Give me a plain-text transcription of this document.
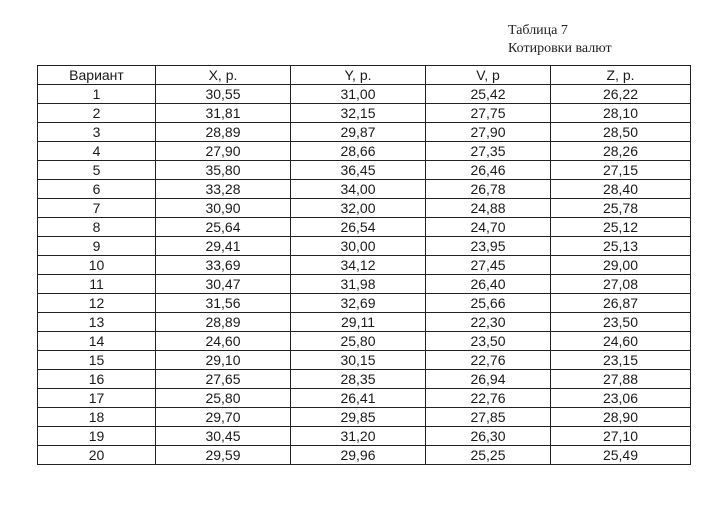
Таблица 7
Котировки валют
Вариант	X, р.	Y, р.	V, р	Z, р.
1	30,55	31,00	25,42	26,22
2	31,81	32,15	27,75	28,10
3	28,89	29,87	27,90	28,50
4	27,90	28,66	27,35	28,26
5	35,80	36,45	26,46	27,15
6	33,28	34,00	26,78	28,40
7	30,90	32,00	24,88	25,78
8	25,64	26,54	24,70	25,12
9	29,41	30,00	23,95	25,13
10	33,69	34,12	27,45	29,00
11	30,47	31,98	26,40	27,08
12	31,56	32,69	25,66	26,87
13	28,89	29,11	22,30	23,50
14	24,60	25,80	23,50	24,60
15	29,10	30,15	22,76	23,15
16	27,65	28,35	26,94	27,88
17	25,80	26,41	22,76	23,06
18	29,70	29,85	27,85	28,90
19	30,45	31,20	26,30	27,10
20	29,59	29,96	25,25	25,49
